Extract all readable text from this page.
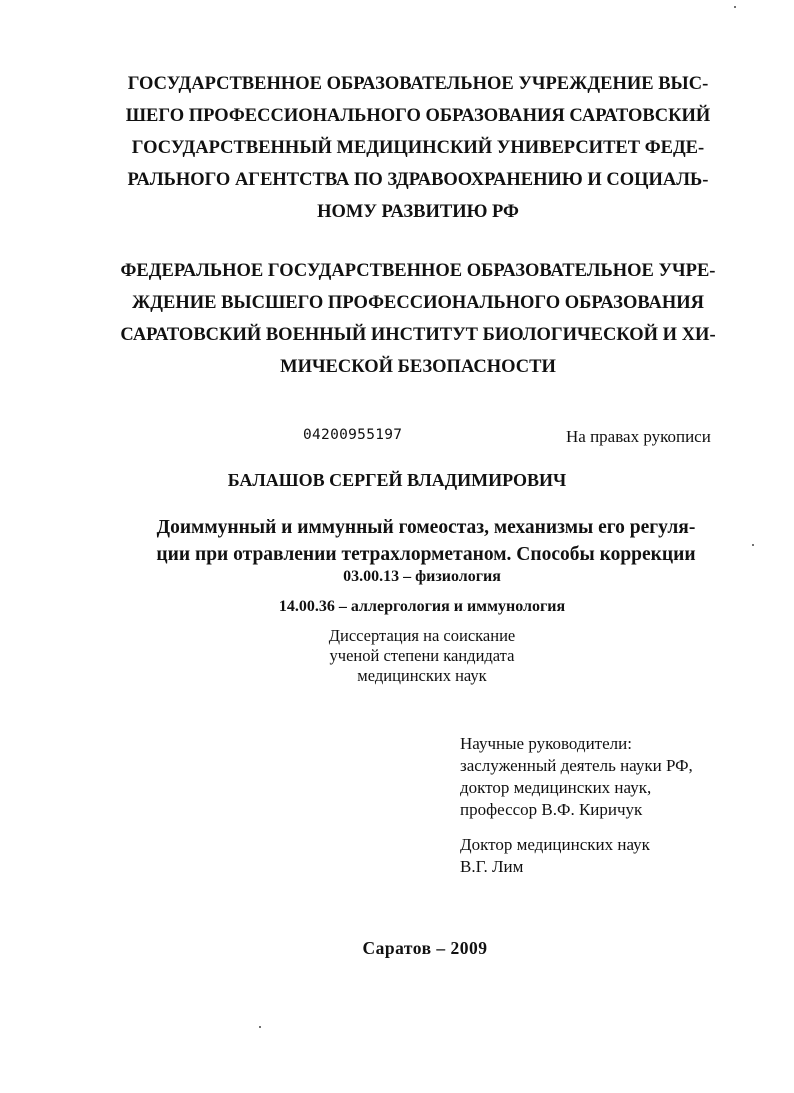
ГОСУДАРСТВЕННОЕ ОБРАЗОВАТЕЛЬНОЕ УЧРЕЖДЕНИЕ ВЫС-
ШЕГО ПРОФЕССИОНАЛЬНОГО ОБРАЗОВАНИЯ САРАТОВСКИЙ
ГОСУДАРСТВЕННЫЙ МЕДИЦИНСКИЙ УНИВЕРСИТЕТ ФЕДЕ-
РАЛЬНОГО АГЕНТСТВА ПО ЗДРАВООХРАНЕНИЮ И СОЦИАЛЬ-
НОМУ РАЗВИТИЮ РФ
ФЕДЕРАЛЬНОЕ ГОСУДАРСТВЕННОЕ ОБРАЗОВАТЕЛЬНОЕ УЧРЕ-
ЖДЕНИЕ ВЫСШЕГО ПРОФЕССИОНАЛЬНОГО ОБРАЗОВАНИЯ
САРАТОВСКИЙ ВОЕННЫЙ ИНСТИТУТ БИОЛОГИЧЕСКОЙ И ХИ-
МИЧЕСКОЙ БЕЗОПАСНОСТИ
04200955197	На правах рукописи
БАЛАШОВ СЕРГЕЙ ВЛАДИМИРОВИЧ
Доиммунный и иммунный гомеостаз, механизмы его регуля-
ции при отравлении тетрахлорметаном. Способы коррекции
03.00.13 – физиология
14.00.36 – аллергология и иммунология
Диссертация на соискание
ученой степени кандидата
медицинских наук
Научные руководители:
заслуженный деятель науки РФ,
доктор медицинских наук,
профессор В.Ф. Киричук
Доктор медицинских наук
В.Г. Лим
Саратов – 2009
